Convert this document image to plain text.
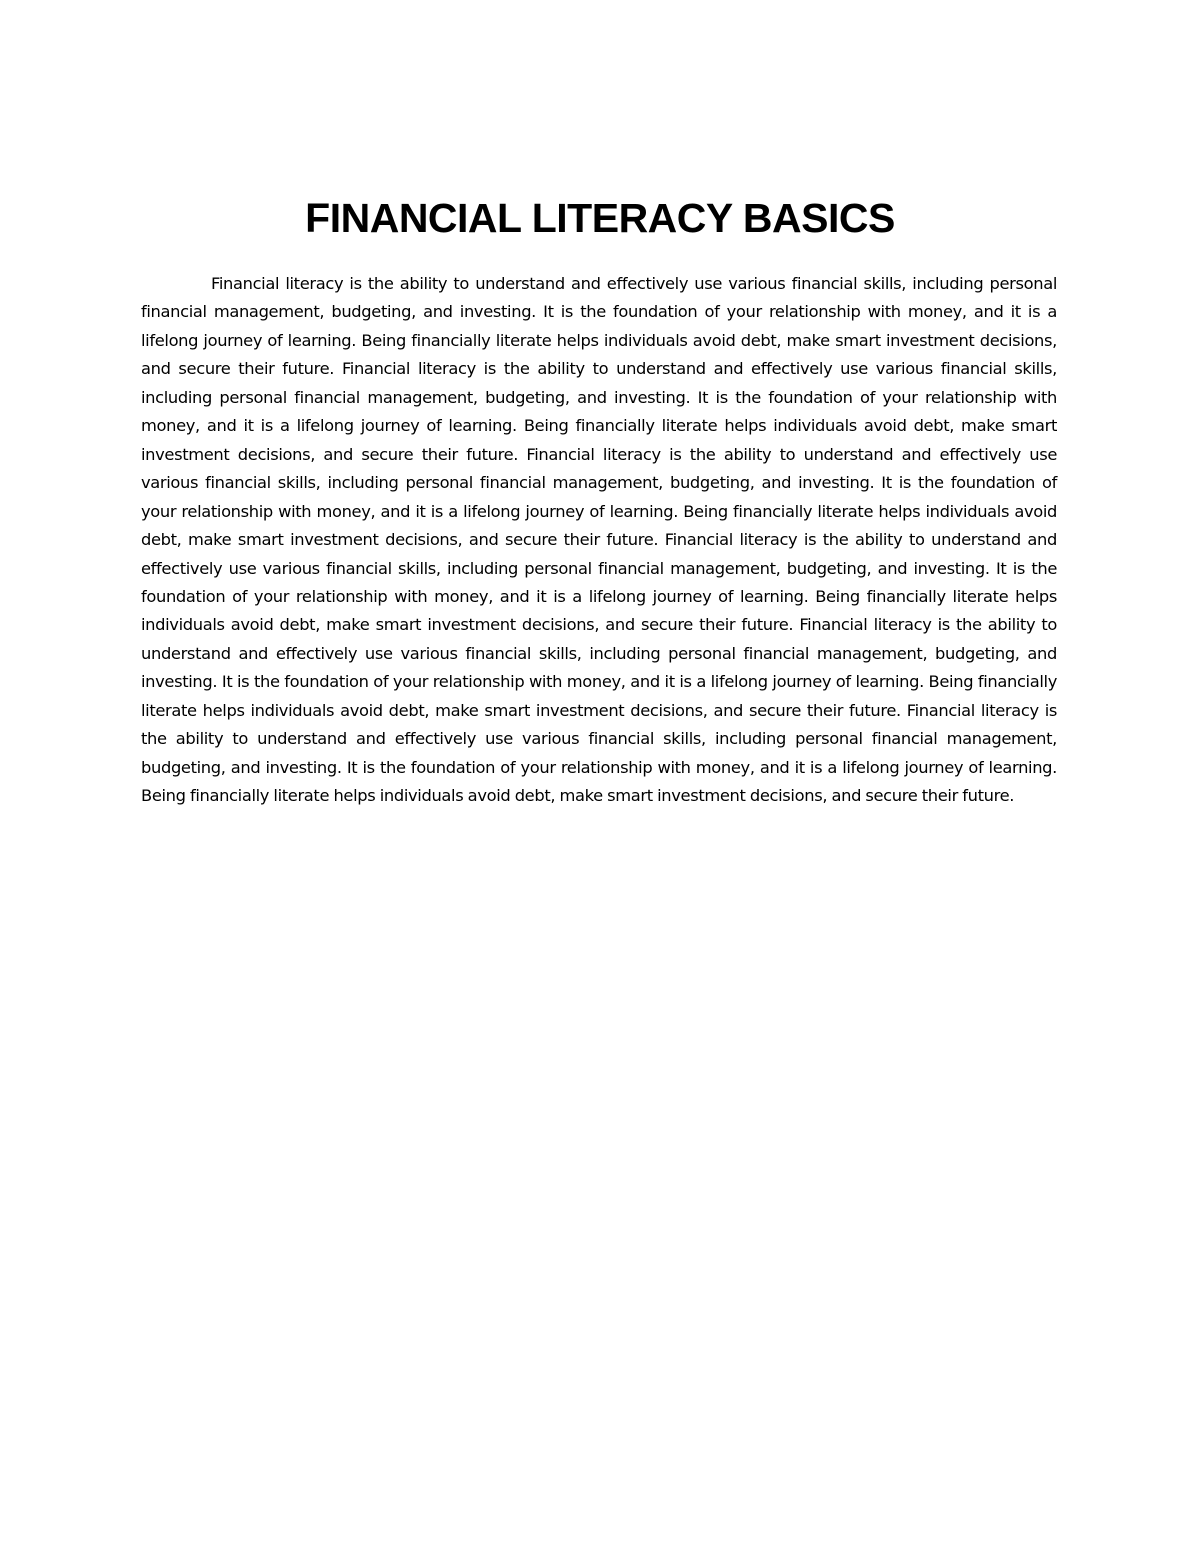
FINANCIAL LITERACY BASICS

Financial literacy is the ability to understand and effectively use various financial skills, including personal financial management, budgeting, and investing. It is the foundation of your relationship with money, and it is a lifelong journey of learning. Being financially literate helps individuals avoid debt, make smart investment decisions, and secure their future. Financial literacy is the ability to understand and effectively use various financial skills, including personal financial management, budgeting, and investing. It is the foundation of your relationship with money, and it is a lifelong journey of learning. Being financially literate helps individuals avoid debt, make smart investment decisions, and secure their future. Financial literacy is the ability to understand and effectively use various financial skills, including personal financial management, budgeting, and investing. It is the foundation of your relationship with money, and it is a lifelong journey of learning. Being financially literate helps individuals avoid debt, make smart investment decisions, and secure their future. Financial literacy is the ability to understand and effectively use various financial skills, including personal financial management, budgeting, and investing. It is the foundation of your relationship with money, and it is a lifelong journey of learning. Being financially literate helps individuals avoid debt, make smart investment decisions, and secure their future. Financial literacy is the ability to understand and effectively use various financial skills, including personal financial management, budgeting, and investing. It is the foundation of your relationship with money, and it is a lifelong journey of learning. Being financially literate helps individuals avoid debt, make smart investment decisions, and secure their future. Financial literacy is the ability to understand and effectively use various financial skills, including personal financial management, budgeting, and investing. It is the foundation of your relationship with money, and it is a lifelong journey of learning. Being financially literate helps individuals avoid debt, make smart investment decisions, and secure their future.
